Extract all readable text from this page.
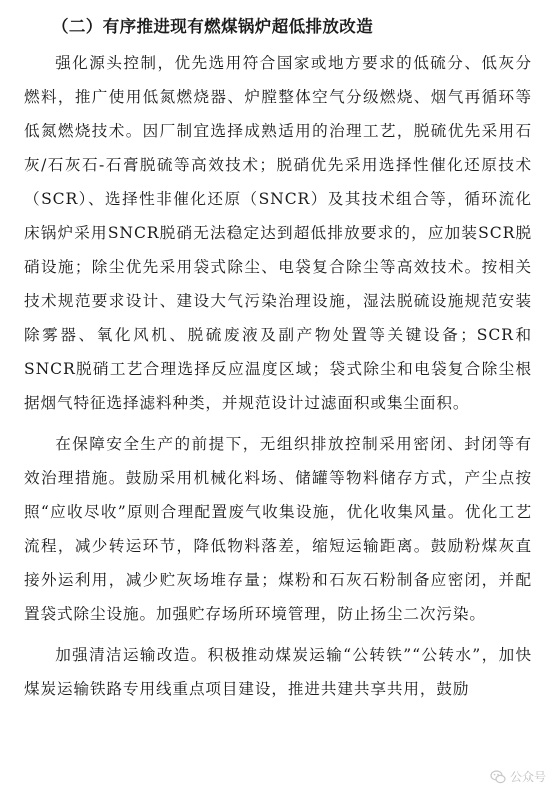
（二）有序推进现有燃煤锅炉超低排放改造

强化源头控制，优先选用符合国家或地方要求的低硫分、低灰分燃料，推广使用低氮燃烧器、炉膛整体空气分级燃烧、烟气再循环等低氮燃烧技术。因厂制宜选择成熟适用的治理工艺，脱硫优先采用石灰/石灰石-石膏脱硫等高效技术；脱硝优先采用选择性催化还原技术（SCR）、选择性非催化还原（SNCR）及其技术组合等，循环流化床锅炉采用SNCR脱硝无法稳定达到超低排放要求的，应加装SCR脱硝设施；除尘优先采用袋式除尘、电袋复合除尘等高效技术。按相关技术规范要求设计、建设大气污染治理设施，湿法脱硫设施规范安装除雾器、氧化风机、脱硫废液及副产物处置等关键设备；SCR和SNCR脱硝工艺合理选择反应温度区域；袋式除尘和电袋复合除尘根据烟气特征选择滤料种类，并规范设计过滤面积或集尘面积。

在保障安全生产的前提下，无组织排放控制采用密闭、封闭等有效治理措施。鼓励采用机械化料场、储罐等物料储存方式，产尘点按照“应收尽收”原则合理配置废气收集设施，优化收集风量。优化工艺流程，减少转运环节，降低物料落差，缩短运输距离。鼓励粉煤灰直接外运利用，减少贮灰场堆存量；煤粉和石灰石粉制备应密闭，并配置袋式除尘设施。加强贮存场所环境管理，防止扬尘二次污染。

加强清洁运输改造。积极推动煤炭运输“公转铁”“公转水”，加快煤炭运输铁路专用线重点项目建设，推进共建共享共用，鼓励

公众号
